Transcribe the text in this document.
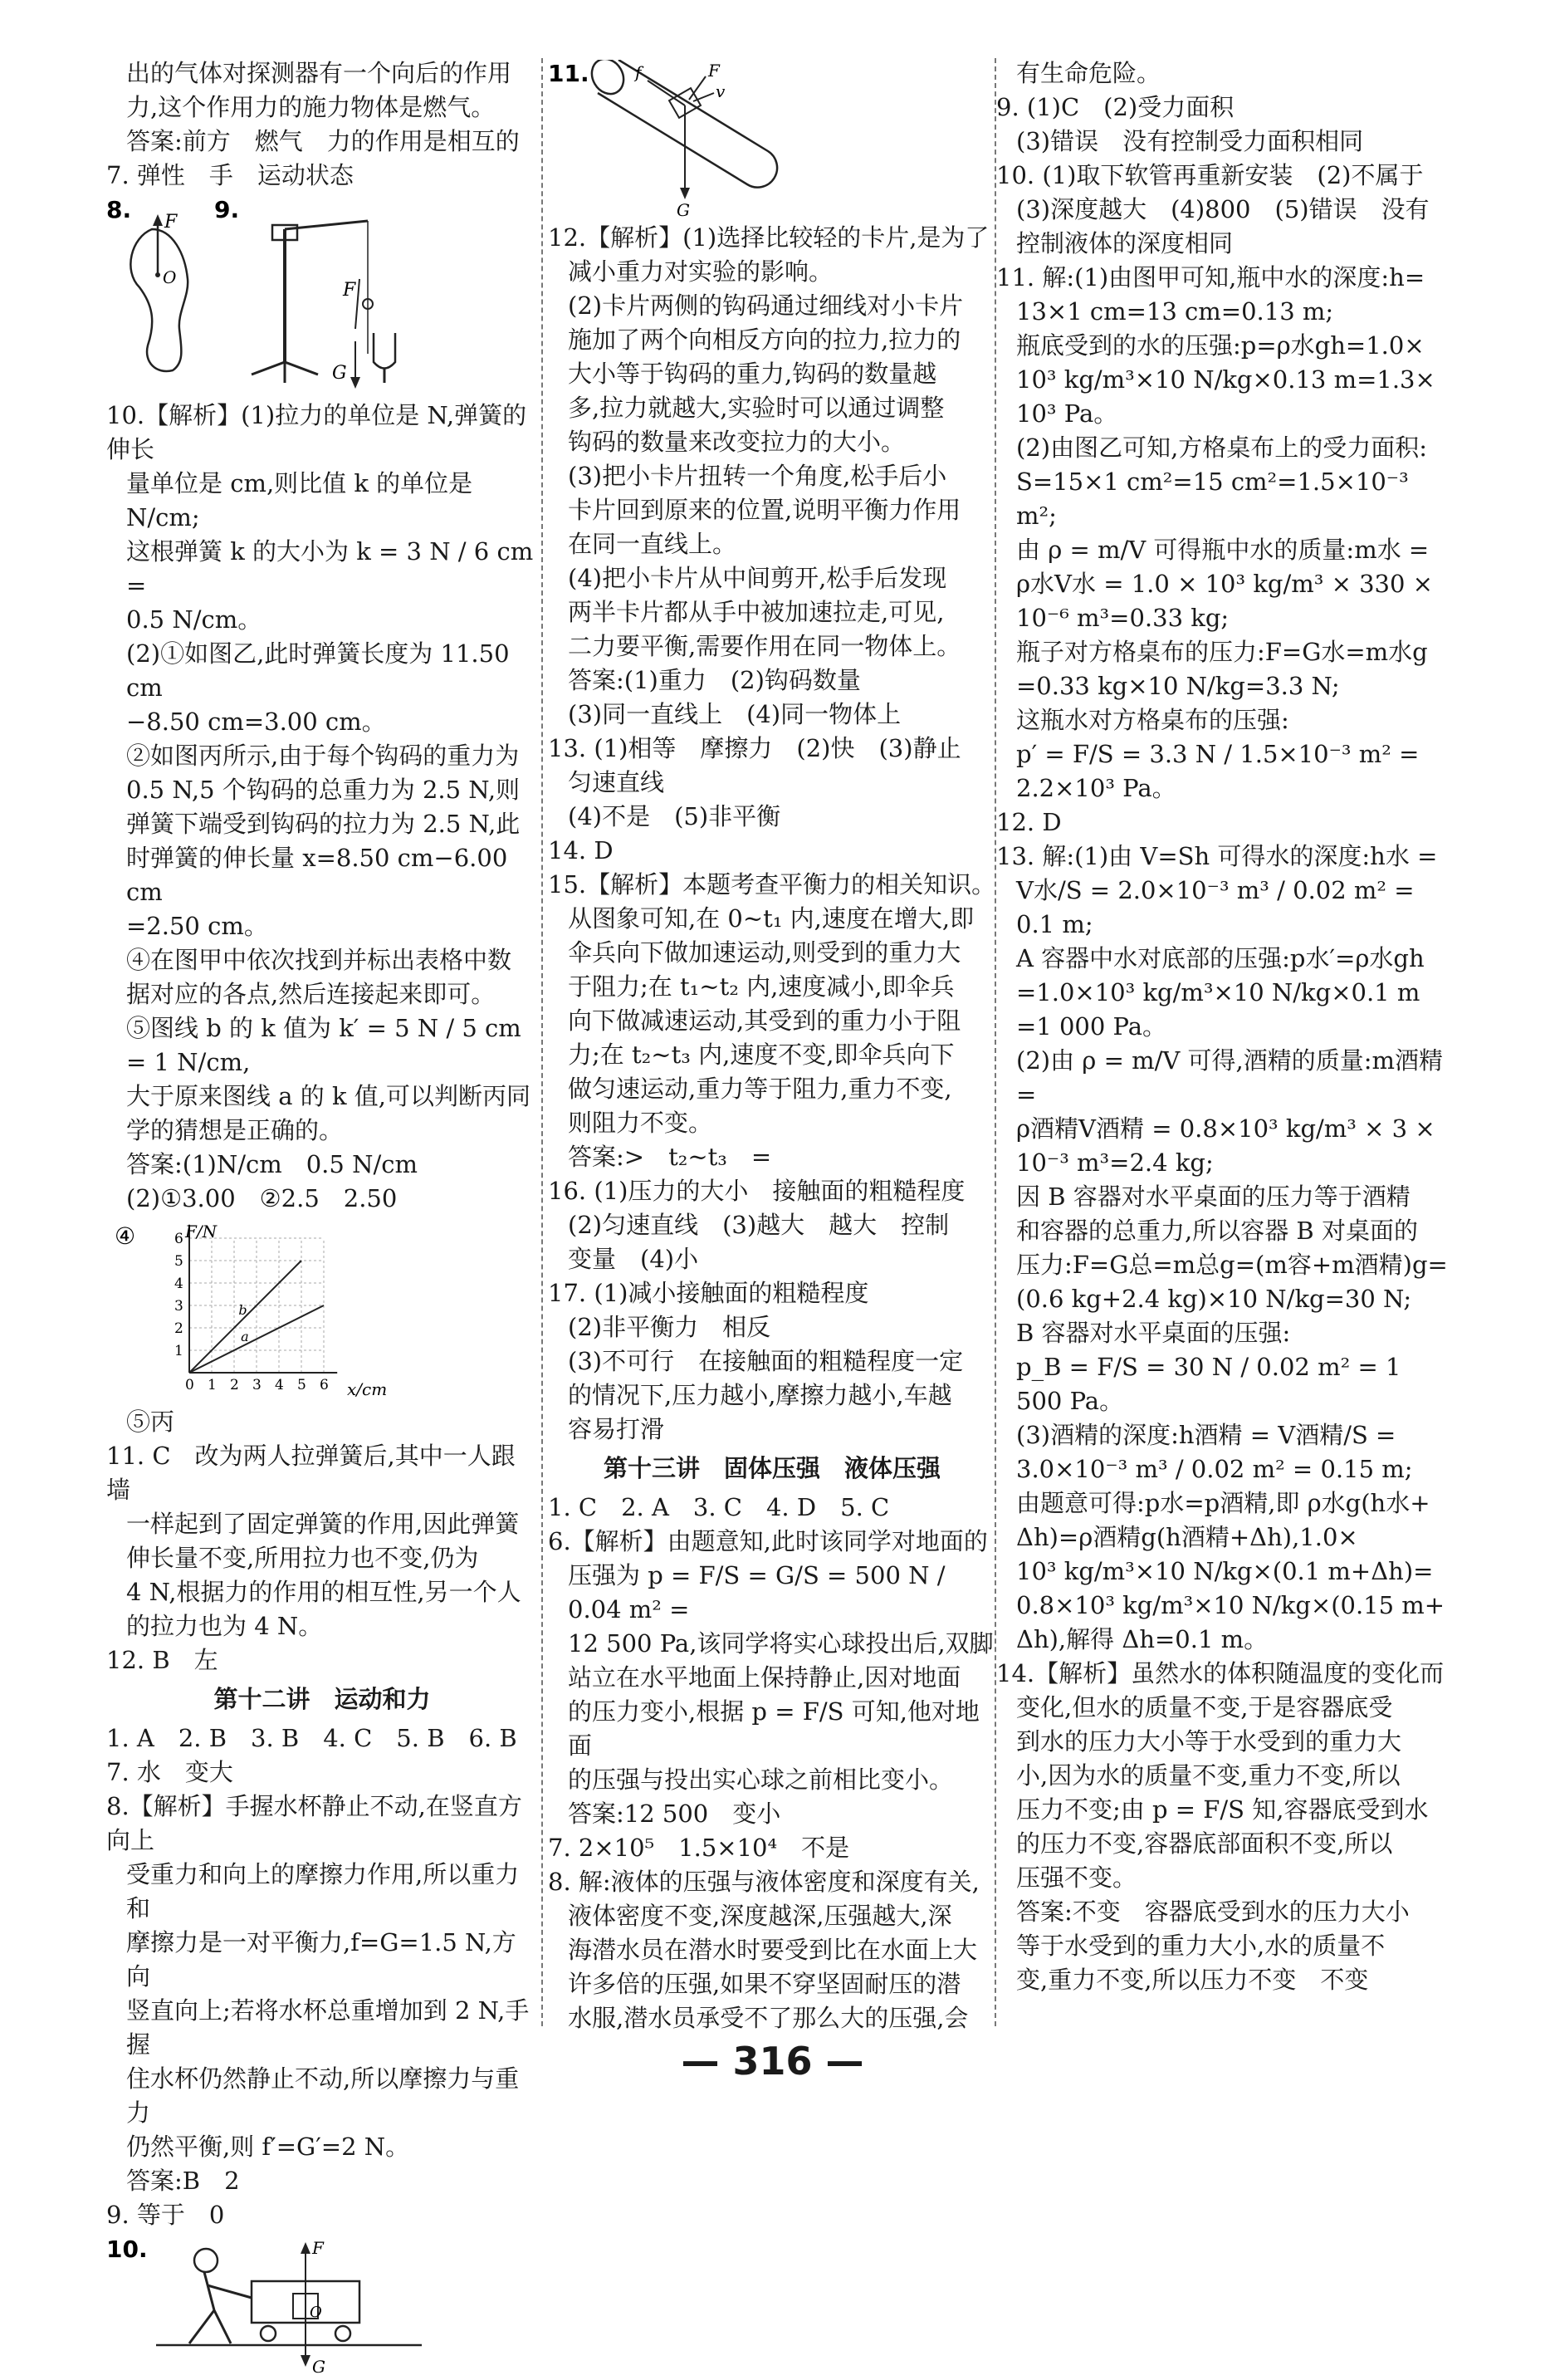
出的气体对探测器有一个向后的作用

力,这个作用力的施力物体是燃气。

答案:前方　燃气　力的作用是相互的

7. 弹性　手　运动状态

8. F
O
9.
F
G

10.【解析】(1)拉力的单位是 N,弹簧的伸长

量单位是 cm,则比值 k 的单位是 N/cm;

这根弹簧 k 的大小为 k = 3 N / 6 cm =

0.5 N/cm。

(2)①如图乙,此时弹簧长度为 11.50 cm

−8.50 cm=3.00 cm。

②如图丙所示,由于每个钩码的重力为

0.5 N,5 个钩码的总重力为 2.5 N,则

弹簧下端受到钩码的拉力为 2.5 N,此

时弹簧的伸长量 x=8.50 cm−6.00 cm

=2.50 cm。

④在图甲中依次找到并标出表格中数

据对应的各点,然后连接起来即可。

⑤图线 b 的 k 值为 k′ = 5 N / 5 cm = 1 N/cm,

大于原来图线 a 的 k 值,可以判断丙同

学的猜想是正确的。

答案:(1)N/cm　0.5 N/cm

(2)①3.00　②2.5　2.50

④
0 1 2 3 4 5 6
1
2
3
4
5
6
b
a
F/N
x/cm

⑤丙

11. C　改为两人拉弹簧后,其中一人跟墙

一样起到了固定弹簧的作用,因此弹簧

伸长量不变,所用拉力也不变,仍为

4 N,根据力的作用的相互性,另一个人

的拉力也为 4 N。

12. B　左

第十二讲　运动和力

1. A　2. B　3. B　4. C　5. B　6. B

7. 水　变大

8.【解析】手握水杯静止不动,在竖直方向上

受重力和向上的摩擦力作用,所以重力和

摩擦力是一对平衡力,f=G=1.5 N,方向

竖直向上;若将水杯总重增加到 2 N,手握

住水杯仍然静止不动,所以摩擦力与重力

仍然平衡,则 f′=G′=2 N。

答案:B　2

9. 等于　0

10.	F
G
O
11.
G
f	F
v

12.【解析】(1)选择比较轻的卡片,是为了

减小重力对实验的影响。

(2)卡片两侧的钩码通过细线对小卡片

施加了两个向相反方向的拉力,拉力的

大小等于钩码的重力,钩码的数量越

多,拉力就越大,实验时可以通过调整

钩码的数量来改变拉力的大小。

(3)把小卡片扭转一个角度,松手后小

卡片回到原来的位置,说明平衡力作用

在同一直线上。

(4)把小卡片从中间剪开,松手后发现

两半卡片都从手中被加速拉走,可见,

二力要平衡,需要作用在同一物体上。

答案:(1)重力　(2)钩码数量

(3)同一直线上　(4)同一物体上

13. (1)相等　摩擦力　(2)快　(3)静止

匀速直线

(4)不是　(5)非平衡

14. D

15.【解析】本题考查平衡力的相关知识。

从图象可知,在 0~t₁ 内,速度在增大,即

伞兵向下做加速运动,则受到的重力大

于阻力;在 t₁~t₂ 内,速度减小,即伞兵

向下做减速运动,其受到的重力小于阻

力;在 t₂~t₃ 内,速度不变,即伞兵向下

做匀速运动,重力等于阻力,重力不变,

则阻力不变。

答案:>　t₂~t₃　=

16. (1)压力的大小　接触面的粗糙程度

(2)匀速直线　(3)越大　越大　控制

变量　(4)小

17. (1)减小接触面的粗糙程度

(2)非平衡力　相反

(3)不可行　在接触面的粗糙程度一定

的情况下,压力越小,摩擦力越小,车越

容易打滑

第十三讲　固体压强　液体压强

1. C　2. A　3. C　4. D　5. C

6.【解析】由题意知,此时该同学对地面的

压强为 p = F/S = G/S = 500 N / 0.04 m² =

12 500 Pa,该同学将实心球投出后,双脚

站立在水平地面上保持静止,因对地面

的压力变小,根据 p = F/S 可知,他对地面

的压强与投出实心球之前相比变小。

答案:12 500　变小

7. 2×10⁵　1.5×10⁴　不是

8. 解:液体的压强与液体密度和深度有关,

液体密度不变,深度越深,压强越大,深

海潜水员在潜水时要受到比在水面上大

许多倍的压强,如果不穿坚固耐压的潜

水服,潜水员承受不了那么大的压强,会

有生命危险。

9. (1)C　(2)受力面积

(3)错误　没有控制受力面积相同

10. (1)取下软管再重新安装　(2)不属于

(3)深度越大　(4)800　(5)错误　没有

控制液体的深度相同

11. 解:(1)由图甲可知,瓶中水的深度:h=

13×1 cm=13 cm=0.13 m;

瓶底受到的水的压强:p=ρ水gh=1.0×

10³ kg/m³×10 N/kg×0.13 m=1.3×

10³ Pa。

(2)由图乙可知,方格桌布上的受力面积:

S=15×1 cm²=15 cm²=1.5×10⁻³ m²;

由 ρ = m/V 可得瓶中水的质量:m水 =

ρ水V水 = 1.0 × 10³ kg/m³ × 330 ×

10⁻⁶ m³=0.33 kg;

瓶子对方格桌布的压力:F=G水=m水g

=0.33 kg×10 N/kg=3.3 N;

这瓶水对方格桌布的压强:

p′ = F/S = 3.3 N / 1.5×10⁻³ m² = 2.2×10³ Pa。

12. D

13. 解:(1)由 V=Sh 可得水的深度:h水 =

V水/S = 2.0×10⁻³ m³ / 0.02 m² = 0.1 m;

A 容器中水对底部的压强:p水′=ρ水gh

=1.0×10³ kg/m³×10 N/kg×0.1 m

=1 000 Pa。

(2)由 ρ = m/V 可得,酒精的质量:m酒精 =

ρ酒精V酒精 = 0.8×10³ kg/m³ × 3 ×

10⁻³ m³=2.4 kg;

因 B 容器对水平桌面的压力等于酒精

和容器的总重力,所以容器 B 对桌面的

压力:F=G总=m总g=(m容+m酒精)g=

(0.6 kg+2.4 kg)×10 N/kg=30 N;

B 容器对水平桌面的压强:

p_B = F/S = 30 N / 0.02 m² = 1 500 Pa。

(3)酒精的深度:h酒精 = V酒精/S =

3.0×10⁻³ m³ / 0.02 m² = 0.15 m;

由题意可得:p水=p酒精,即 ρ水g(h水+

Δh)=ρ酒精g(h酒精+Δh),1.0×

10³ kg/m³×10 N/kg×(0.1 m+Δh)=

0.8×10³ kg/m³×10 N/kg×(0.15 m+

Δh),解得 Δh=0.1 m。

14.【解析】虽然水的体积随温度的变化而

变化,但水的质量不变,于是容器底受

到水的压力大小等于水受到的重力大

小,因为水的质量不变,重力不变,所以

压力不变;由 p = F/S 知,容器底受到水

的压力不变,容器底部面积不变,所以

压强不变。

答案:不变　容器底受到水的压力大小

等于水受到的重力大小,水的质量不

变,重力不变,所以压力不变　不变

— 316 —
